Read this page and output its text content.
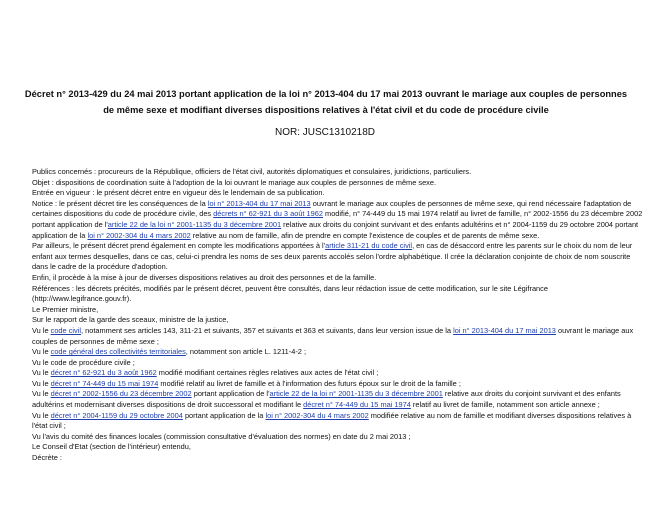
Décret n° 2013-429 du 24 mai 2013 portant application de la loi n° 2013-404 du 17 mai 2013 ouvrant le mariage aux couples de personnes de même sexe et modifiant diverses dispositions relatives à l'état civil et du code de procédure civile

NOR: JUSC1310218D

Publics concernés : procureurs de la République, officiers de l'état civil, autorités diplomatiques et consulaires, juridictions, particuliers.

Objet : dispositions de coordination suite à l'adoption de la loi ouvrant le mariage aux couples de personnes de même sexe.

Entrée en vigueur : le présent décret entre en vigueur dès le lendemain de sa publication.

Notice : le présent décret tire les conséquences de la loi n° 2013-404 du 17 mai 2013 ouvrant le mariage aux couples de personnes de même sexe, qui rend nécessaire l'adaptation de certaines dispositions du code de procédure civile, des décrets n° 62-921 du 3 août 1962 modifié, n° 74-449 du 15 mai 1974 relatif au livret de famille, n° 2002-1556 du 23 décembre 2002 portant application de l'article 22 de la loi n° 2001-1135 du 3 décembre 2001 relative aux droits du conjoint survivant et des enfants adultérins et n° 2004-1159 du 29 octobre 2004 portant application de la loi n° 2002-304 du 4 mars 2002 relative au nom de famille, afin de prendre en compte l'existence de couples et de parents de même sexe.

Par ailleurs, le présent décret prend également en compte les modifications apportées à l'article 311-21 du code civil, en cas de désaccord entre les parents sur le choix du nom de leur enfant aux termes desquelles, dans ce cas, celui-ci prendra les noms de ses deux parents accolés selon l'ordre alphabétique. Il crée la déclaration conjointe de choix de nom souscrite dans le cadre de la procédure d'adoption.

Enfin, il procède à la mise à jour de diverses dispositions relatives au droit des personnes et de la famille.

Références : les décrets précités, modifiés par le présent décret, peuvent être consultés, dans leur rédaction issue de cette modification, sur le site Légifrance (http://www.legifrance.gouv.fr).

Le Premier ministre,

Sur le rapport de la garde des sceaux, ministre de la justice,

Vu le code civil, notamment ses articles 143, 311-21 et suivants, 357 et suivants et 363 et suivants, dans leur version issue de la loi n° 2013-404 du 17 mai 2013 ouvrant le mariage aux couples de personnes de même sexe ;

Vu le code général des collectivités territoriales, notamment son article L. 1211-4-2 ;

Vu le code de procédure civile ;

Vu le décret n° 62-921 du 3 août 1962 modifié modifiant certaines règles relatives aux actes de l'état civil ;

Vu le décret n° 74-449 du 15 mai 1974 modifié relatif au livret de famille et à l'information des futurs époux sur le droit de la famille ;

Vu le décret n° 2002-1556 du 23 décembre 2002 portant application de l'article 22 de la loi n° 2001-1135 du 3 décembre 2001 relative aux droits du conjoint survivant et des enfants adultérins et modernisant diverses dispositions de droit successoral et modifiant le décret n° 74-449 du 15 mai 1974 relatif au livret de famille, notamment son article annexe ;

Vu le décret n° 2004-1159 du 29 octobre 2004 portant application de la loi n° 2002-304 du 4 mars 2002 modifiée relative au nom de famille et modifiant diverses dispositions relatives à l'état civil ;

Vu l'avis du comité des finances locales (commission consultative d'évaluation des normes) en date du 2 mai 2013 ;

Le Conseil d'Etat (section de l'intérieur) entendu,

Décrète :
